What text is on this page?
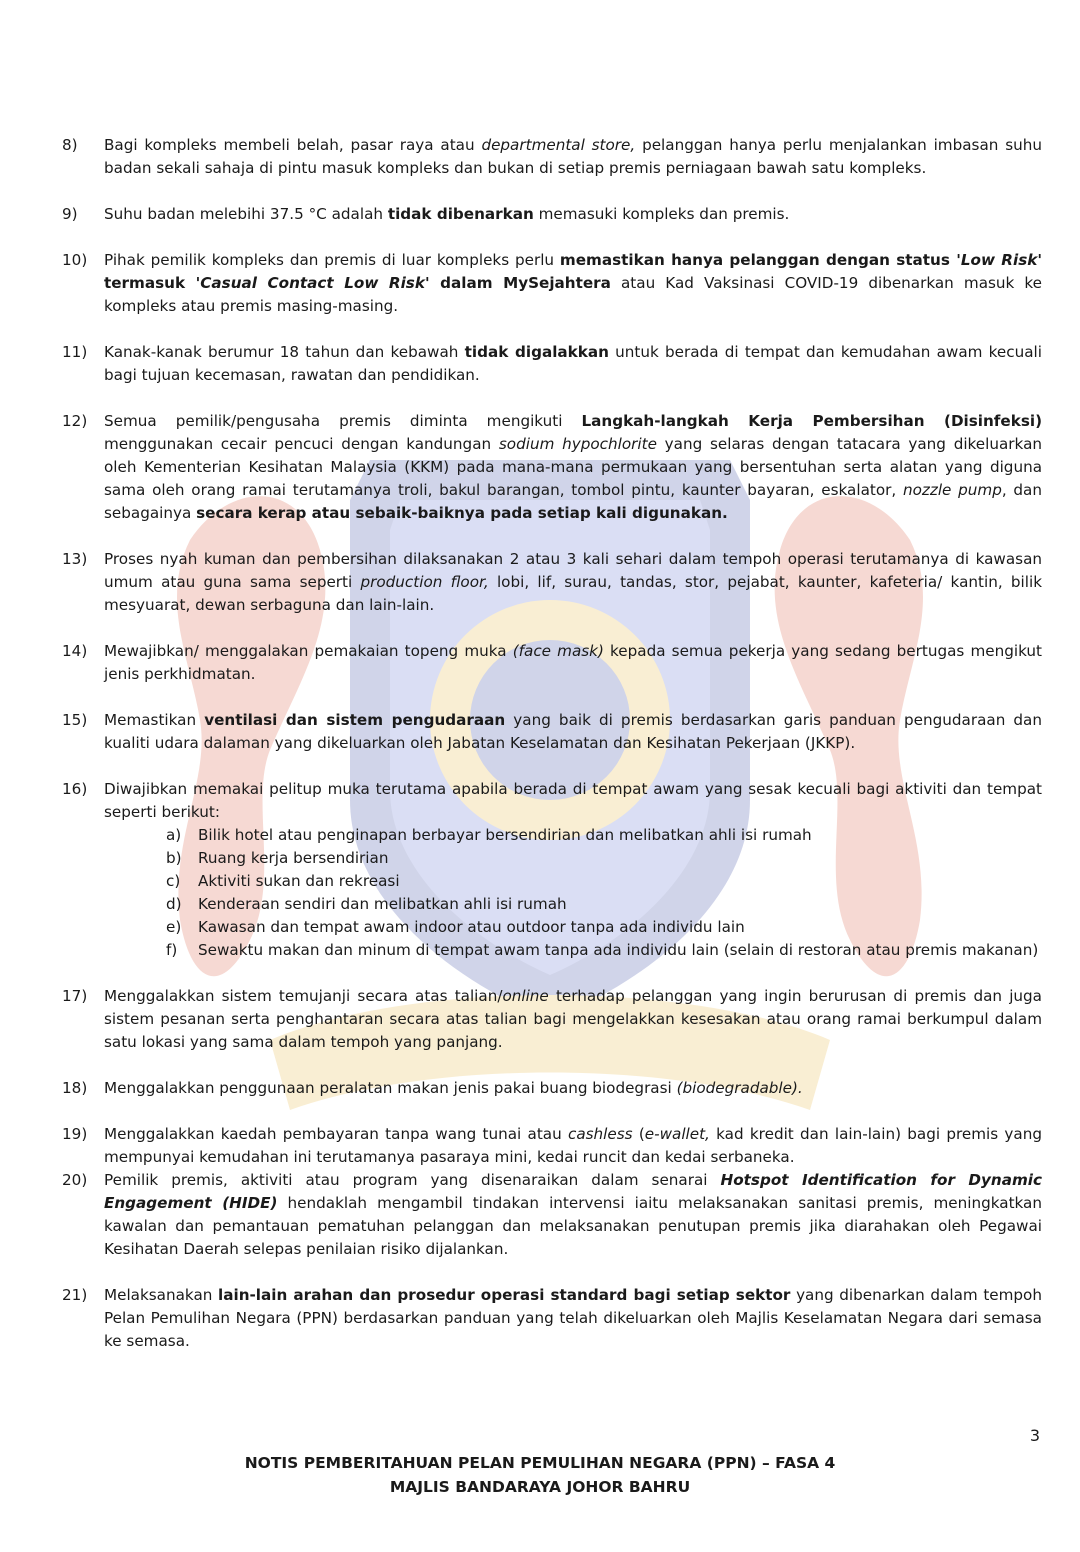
8)	Bagi kompleks membeli belah, pasar raya atau departmental store, pelanggan hanya perlu menjalankan imbasan suhu badan sekali sahaja di pintu masuk kompleks dan bukan di setiap premis perniagaan bawah satu kompleks.
9)	Suhu badan melebihi 37.5 °C adalah tidak dibenarkan memasuki kompleks dan premis.
10)	Pihak pemilik kompleks dan premis di luar kompleks perlu memastikan hanya pelanggan dengan status 'Low Risk' termasuk 'Casual Contact Low Risk' dalam MySejahtera atau Kad Vaksinasi COVID-19 dibenarkan masuk ke kompleks atau premis masing-masing.
11)	Kanak-kanak berumur 18 tahun dan kebawah tidak digalakkan untuk berada di tempat dan kemudahan awam kecuali bagi tujuan kecemasan, rawatan dan pendidikan.
12)	Semua pemilik/pengusaha premis diminta mengikuti Langkah-langkah Kerja Pembersihan (Disinfeksi) menggunakan cecair pencuci dengan kandungan sodium hypochlorite yang selaras dengan tatacara yang dikeluarkan oleh Kementerian Kesihatan Malaysia (KKM) pada mana-mana permukaan yang bersentuhan serta alatan yang diguna sama oleh orang ramai terutamanya troli, bakul barangan, tombol pintu, kaunter bayaran, eskalator, nozzle pump, dan sebagainya secara kerap atau sebaik-baiknya pada setiap kali digunakan.
13)	Proses nyah kuman dan pembersihan dilaksanakan 2 atau 3 kali sehari dalam tempoh operasi terutamanya di kawasan umum atau guna sama seperti production floor, lobi, lif, surau, tandas, stor, pejabat, kaunter, kafeteria/ kantin, bilik mesyuarat, dewan serbaguna dan lain-lain.
14)	Mewajibkan/ menggalakan pemakaian topeng muka (face mask) kepada semua pekerja yang sedang bertugas mengikut jenis perkhidmatan.
15)	Memastikan ventilasi dan sistem pengudaraan yang baik di premis berdasarkan garis panduan pengudaraan dan kualiti udara dalaman yang dikeluarkan oleh Jabatan Keselamatan dan Kesihatan Pekerjaan (JKKP).
16)	Diwajibkan memakai pelitup muka terutama apabila berada di tempat awam yang sesak kecuali bagi aktiviti dan tempat seperti berikut:
a)	Bilik hotel atau penginapan berbayar bersendirian dan melibatkan ahli isi rumah
b)	Ruang kerja bersendirian
c)	Aktiviti sukan dan rekreasi
d)	Kenderaan sendiri dan melibatkan ahli isi rumah
e)	Kawasan dan tempat awam indoor atau outdoor tanpa ada individu lain
f)	Sewaktu makan dan minum di tempat awam tanpa ada individu lain (selain di restoran atau premis makanan)
17)	Menggalakkan sistem temujanji secara atas talian/online terhadap pelanggan yang ingin berurusan di premis dan juga sistem pesanan serta penghantaran secara atas talian bagi mengelakkan kesesakan atau orang ramai berkumpul dalam satu lokasi yang sama dalam tempoh yang panjang.
18)	Menggalakkan penggunaan peralatan makan jenis pakai buang biodegrasi (biodegradable).
19)	Menggalakkan kaedah pembayaran tanpa wang tunai atau cashless (e-wallet, kad kredit dan lain-lain) bagi premis yang mempunyai kemudahan ini terutamanya pasaraya mini, kedai runcit dan kedai serbaneka.
20)	Pemilik premis, aktiviti atau program yang disenaraikan dalam senarai Hotspot Identification for Dynamic Engagement (HIDE) hendaklah mengambil tindakan intervensi iaitu melaksanakan sanitasi premis, meningkatkan kawalan dan pemantauan pematuhan pelanggan dan melaksanakan penutupan premis jika diarahakan oleh Pegawai Kesihatan Daerah selepas penilaian risiko dijalankan.
21)	Melaksanakan lain-lain arahan dan prosedur operasi standard bagi setiap sektor yang dibenarkan dalam tempoh Pelan Pemulihan Negara (PPN) berdasarkan panduan yang telah dikeluarkan oleh Majlis Keselamatan Negara dari semasa ke semasa.
3
NOTIS PEMBERITAHUAN PELAN PEMULIHAN NEGARA (PPN) – FASA 4
MAJLIS BANDARAYA JOHOR BAHRU
